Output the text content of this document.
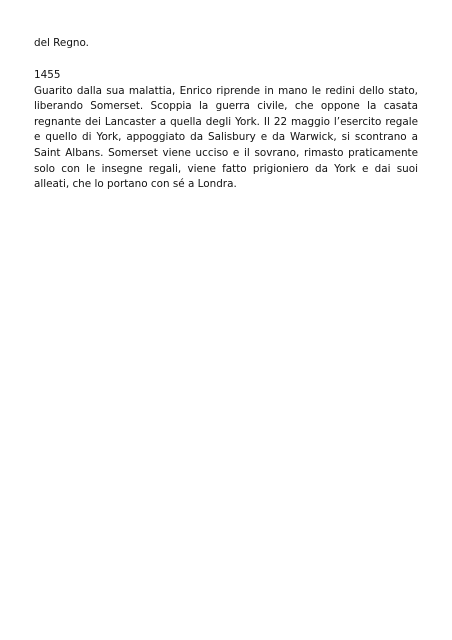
del Regno.
1455
Guarito dalla sua malattia, Enrico riprende in mano le redini dello stato, liberando Somerset. Scoppia la guerra civile, che oppone la casata regnante dei Lancaster a quella degli York. Il 22 maggio l’esercito regale e quello di York, appoggiato da Salisbury e da Warwick, si scontrano a Saint Albans. Somerset viene ucciso e il sovrano, rimasto praticamente solo con le insegne regali, viene fatto prigioniero da York e dai suoi alleati, che lo portano con sé a Londra.
